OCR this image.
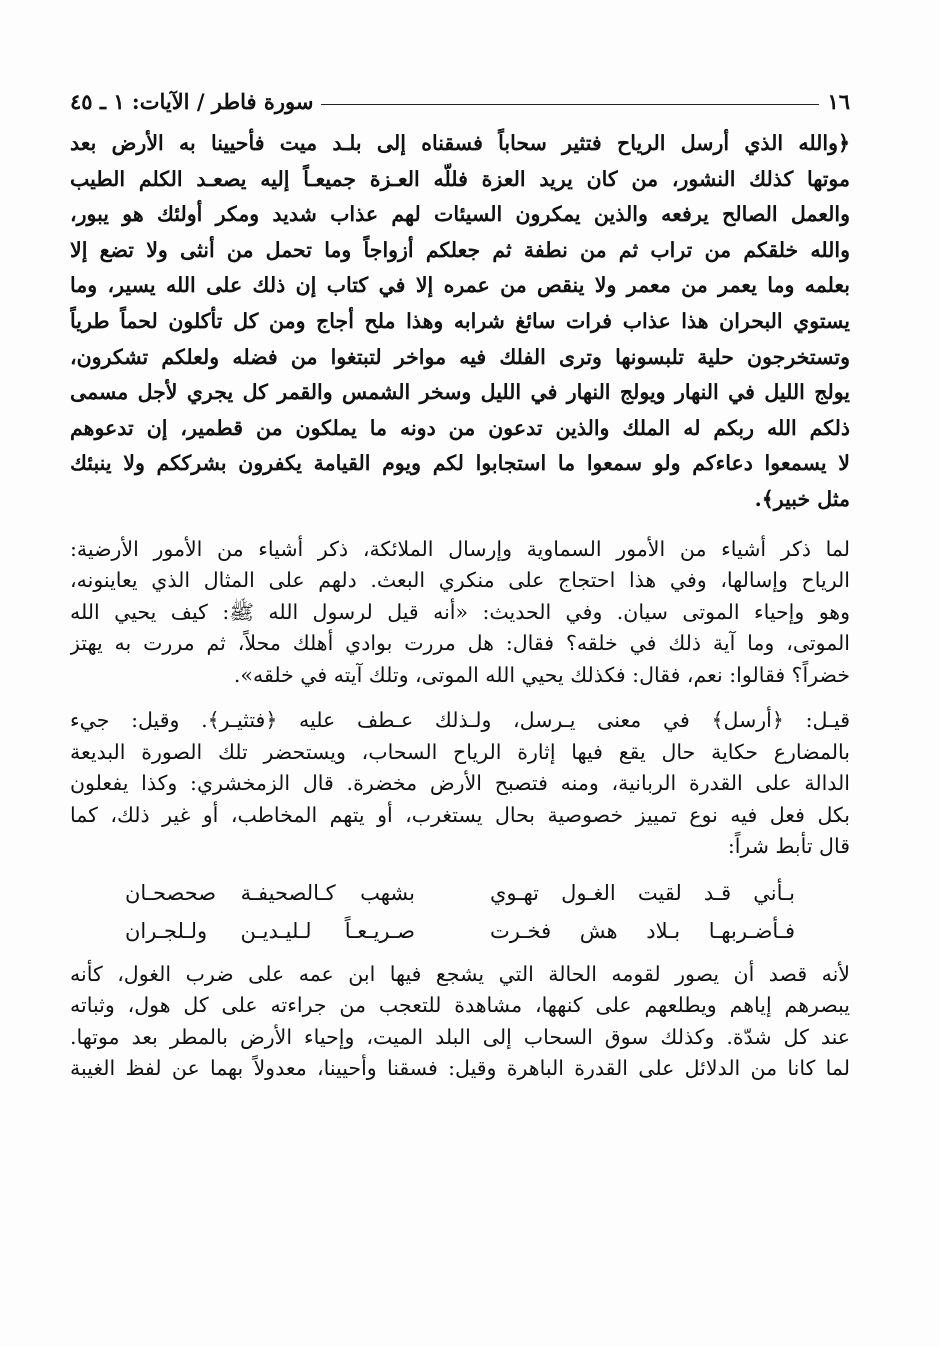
١٦
سورة فاطر / الآيات: ١ ـ ٤٥
﴿والله الذي أرسل الرياح فتثير سحاباً فسقناه إلى بلـد ميت فأحيينا به الأرض بعد
موتها كذلك النشور، من كان يريد العزة فللّه العـزة جميعـاً إليه يصعـد الكلم الطيب
والعمل الصالح يرفعه والذين يمكرون السيئات لهم عذاب شديد ومكر أولئك هو يبور،
والله خلقكم من تراب ثم من نطفة ثم جعلكم أزواجاً وما تحمل من أنثى ولا تضع إلا
بعلمه وما يعمر من معمر ولا ينقص من عمره إلا في كتاب إن ذلك على الله يسير، وما
يستوي البحران هذا عذاب فرات سائغ شرابه وهذا ملح أجاج ومن كل تأكلون لحماً طرياً
وتستخرجون حلية تلبسونها وترى الفلك فيه مواخر لتبتغوا من فضله ولعلكم تشكرون،
يولج الليل في النهار ويولج النهار في الليل وسخر الشمس والقمر كل يجري لأجل مسمى
ذلكم الله ربكم له الملك والذين تدعون من دونه ما يملكون من قطمير، إن تدعوهم
لا يسمعوا دعاءكم ولو سمعوا ما استجابوا لكم ويوم القيامة يكفرون بشرككم ولا ينبئك
مثل خبير﴾.
لما ذكر أشياء من الأمور السماوية وإرسال الملائكة، ذكر أشياء من الأمور الأرضية:
الرياح وإسالها، وفي هذا احتجاج على منكري البعث. دلهم على المثال الذي يعاينونه،
وهو وإحياء الموتى سيان. وفي الحديث: «أنه قيل لرسول الله ﷺ: كيف يحيي الله
الموتى، وما آية ذلك في خلقه؟ فقال: هل مررت بوادي أهلك محلاً، ثم مررت به يهتز
خضراً؟ فقالوا: نعم، فقال: فكذلك يحيي الله الموتى، وتلك آيته في خلقه».
قيـل: ﴿أرسل﴾ في معنى يـرسل، ولـذلك عـطف عليه ﴿فتثيـر﴾. وقيل: جيء
بالمضارع حكاية حال يقع فيها إثارة الرياح السحاب، ويستحضر تلك الصورة البديعة
الدالة على القدرة الربانية، ومنه فتصبح الأرض مخضرة. قال الزمخشري: وكذا يفعلون
بكل فعل فيه نوع تمييز خصوصية بحال يستغرب، أو يتهم المخاطب، أو غير ذلك، كما
قال تأبط شراً:
بـأني قـد لقيت الغـول تهـوي
بشهب كـالصحيفـة صحصحـان
فـأضـربهـا بـلاد هش فخـرت
صـريـعـاً لـليـديـن ولـلجـران
لأنه قصد أن يصور لقومه الحالة التي يشجع فيها ابن عمه على ضرب الغول، كأنه
يبصرهم إياهم ويطلعهم على كنهها، مشاهدة للتعجب من جراءته على كل هول، وثباته
عند كل شدّة. وكذلك سوق السحاب إلى البلد الميت، وإحياء الأرض بالمطر بعد موتها.
لما كانا من الدلائل على القدرة الباهرة وقيل: فسقنا وأحيينا، معدولاً بهما عن لفظ الغيبة
